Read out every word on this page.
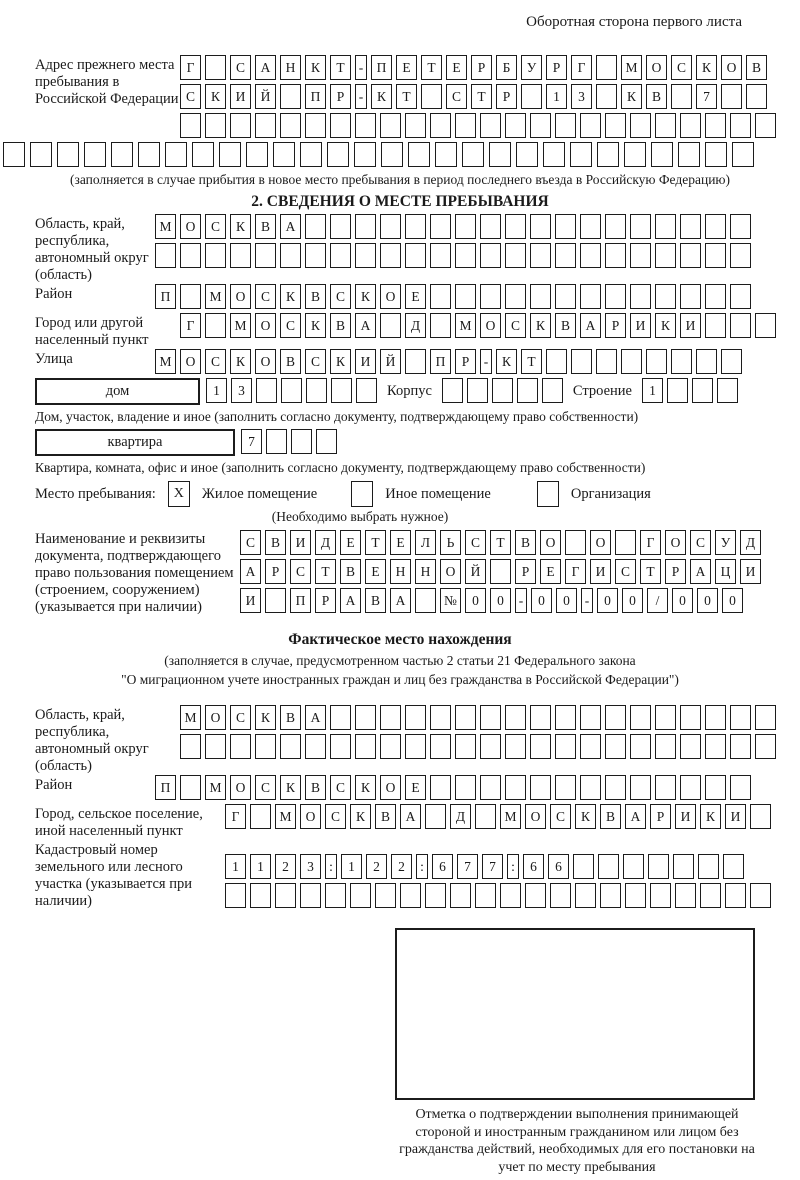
Оборотная сторона первого листа
Адрес прежнего места пребывания в Российской Федерации
Г	С	А	Н	К	Т	- П	Е	Т	Е	Р	Б	У	Р	Г	М	О	С	К	О	В
С	К	И	Й	П	Р	-	К	Т	С	Т	Р	1	3	К	В	7
(заполняется в случае прибытия в новое место пребывания в период последнего въезда в Российскую Федерацию)
2. СВЕДЕНИЯ О МЕСТЕ ПРЕБЫВАНИЯ
Область, край, республика, автономный округ (область)
М	О	С	К	В	А
Район	П	М	О	С	К	В	С	К	О	Е
Город или другой населенный пункт
Г	М	О	С	К	В	А	Д	М	О	С	К	В	А	Р	И	К	И
Улица	М	О	С	К	О	В	С	К	И	Й	П	Р	-	К	Т
дом	1	3	Корпус	Строение	1
Дом, участок, владение и иное (заполнить согласно документу, подтверждающему право собственности)
квартира	7
Квартира, комната, офис и иное (заполнить согласно документу, подтверждающему право собственности)
Место пребывания:	X	Жилое помещение	Иное помещение	Организация
(Необходимо выбрать нужное)
Наименование и реквизиты документа, подтверждающего право пользования помещением (строением, сооружением) (указывается при наличии)
С	В	И	Д	Е	Т	Е	Л	Ь	С	Т	В	О	О	Г	О	С	У	Д
А	Р	С	Т	В	Е	Н	Н	О	Й	Р	Е	Г	И	С	Т	Р	А	Ц	И
И	П	Р	А	В	А	№	0	0	-	0	0	-	0	0	/	0	0	0
Фактическое место нахождения
(заполняется в случае, предусмотренном частью 2 статьи 21 Федерального закона
"О миграционном учете иностранных граждан и лиц без гражданства в Российской Федерации")
Область, край, республика, автономный округ (область)
М	О	С	К	В	А
Район	П	М	О	С	К	В	С	К	О	Е
Город, сельское поселение, иной населенный пункт
Г	М	О	С	К	В	А	Д	М	О	С	К	В	А	Р	И	К	И
Кадастровый номер земельного или лесного участка (указывается при наличии)
1	1	2	3	:	1	2	2	:	6	7	7	:	6	6
Отметка о подтверждении выполнения принимающей стороной и иностранным гражданином или лицом без гражданства действий, необходимых для его постановки на учет по месту пребывания
